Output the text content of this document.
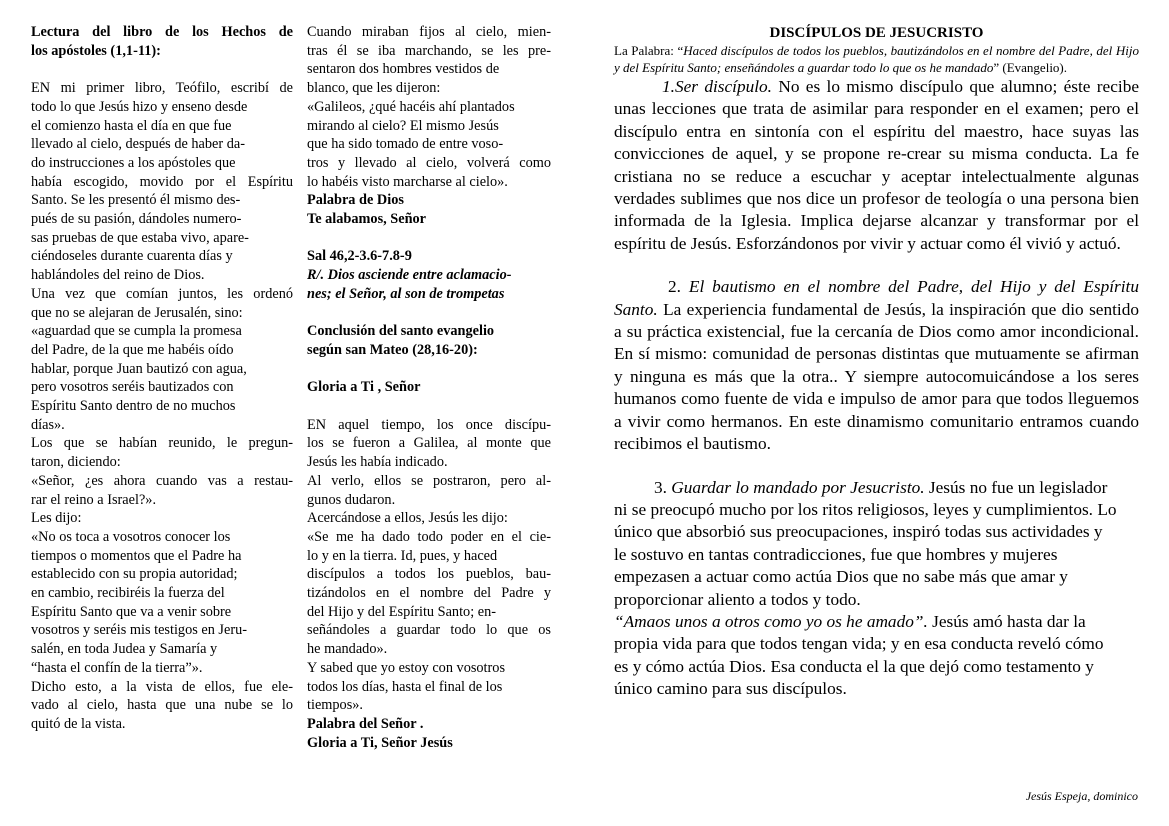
Lectura del libro de los Hechos de
los apóstoles (1,1-11):
EN mi primer libro, Teófilo, escribí de
todo lo que Jesús hizo y enseno desde
el comienzo hasta el día en que fue
llevado al cielo, después de haber da-
do instrucciones a los apóstoles que
había escogido, movido por el Espíritu
Santo. Se les presentó él mismo des-
pués de su pasión, dándoles numero-
sas pruebas de que estaba vivo, apare-
ciéndoseles durante cuarenta días y
hablándoles del reino de Dios.
Una vez que comían juntos, les ordenó
que no se alejaran de Jerusalén, sino:
«aguardad que se cumpla la promesa
del Padre, de la que me habéis oído
hablar, porque Juan bautizó con agua,
pero vosotros seréis bautizados con
Espíritu Santo dentro de no muchos
días».
Los que se habían reunido, le pregun-
taron, diciendo:
«Señor, ¿es ahora cuando vas a restau-
rar el reino a Israel?».
Les dijo:
«No os toca a vosotros conocer los
tiempos o momentos que el Padre ha
establecido con su propia autoridad;
en cambio, recibiréis la fuerza del
Espíritu Santo que va a venir sobre
vosotros y seréis mis testigos en Jeru-
salén, en toda Judea y Samaría y
“hasta el confín de la tierra”».
Dicho esto, a la vista de ellos, fue ele-
vado al cielo, hasta que una nube se lo
quitó de la vista.
Cuando miraban fijos al cielo, mien-
tras él se iba marchando, se les pre-
sentaron dos hombres vestidos de
blanco, que les dijeron:
«Galileos, ¿qué hacéis ahí plantados
mirando al cielo? El mismo Jesús
que ha sido tomado de entre voso-
tros y llevado al cielo, volverá como
lo habéis visto marcharse al cielo».
Palabra de Dios
Te alabamos, Señor
Sal 46,2-3.6-7.8-9
R/. Dios asciende entre aclamacio-
nes; el Señor, al son de trompetas
Conclusión del santo evangelio
según san Mateo (28,16-20):
Gloria a Ti , Señor
EN aquel tiempo, los once discípu-
los se fueron a Galilea, al monte que
Jesús les había indicado.
Al verlo, ellos se postraron, pero al-
gunos dudaron.
Acercándose a ellos, Jesús les dijo:
«Se me ha dado todo poder en el cie-
lo y en la tierra. Id, pues, y haced
discípulos a todos los pueblos, bau-
tizándolos en el nombre del Padre y
del Hijo y del Espíritu Santo; en-
señándoles a guardar todo lo que os
he mandado».
Y sabed que yo estoy con vosotros
todos los días, hasta el final de los
tiempos».
Palabra del Señor .
Gloria a Ti, Señor Jesús
DISCÍPULOS DE JESUCRISTO
La Palabra: “Haced discípulos de todos los pueblos, bautizándolos en el nombre del Padre, del Hijo y del Espíritu Santo; enseñándoles a guardar todo lo que os he mandado” (Evangelio).
1.Ser discípulo. No es lo mismo discípulo que alumno; éste recibe unas lecciones que trata de asimilar para responder en el examen; pero el discípulo entra en sintonía con el espíritu del maestro, hace suyas las convicciones de aquel, y se propone re-crear su misma conducta. La fe cristiana no se reduce a escuchar y aceptar intelectualmente algunas verdades sublimes que nos dice un profesor de teología o una persona bien informada de la Iglesia. Implica dejarse alcanzar y transformar por el espíritu de Jesús. Esforzándonos por vivir y actuar como él vivió y actuó.
2. El bautismo en el nombre del Padre, del Hijo y del Espíritu Santo. La experiencia fundamental de Jesús, la inspiración que dio sentido a su práctica existencial, fue la cercanía de Dios como amor incondicional. En sí mismo: comunidad de personas distintas que mutuamente se afirman y ninguna es más que la otra.. Y siempre autocomuicándose a los seres humanos como fuente de vida e impulso de amor para que todos lleguemos a vivir como hermanos. En este dinamismo comunitario entramos cuando recibimos el bautismo.
3. Guardar lo mandado por Jesucristo. Jesús no fue un legislador ni se preocupó mucho por los ritos religiosos, leyes y cumplimientos. Lo único que absorbió sus preocupaciones, inspiró todas sus actividades y le sostuvo en tantas contradicciones, fue que hombres y mujeres empezasen a actuar como actúa Dios que no sabe más que amar y proporcionar aliento a todos y todo.
“Amaos unos a otros como yo os he amado”. Jesús amó hasta dar la propia vida para que todos tengan vida; y en esa conducta reveló cómo es y cómo actúa Dios. Esa conducta el la que dejó como testamento y único camino para sus discípulos.
Jesús Espeja, dominico
